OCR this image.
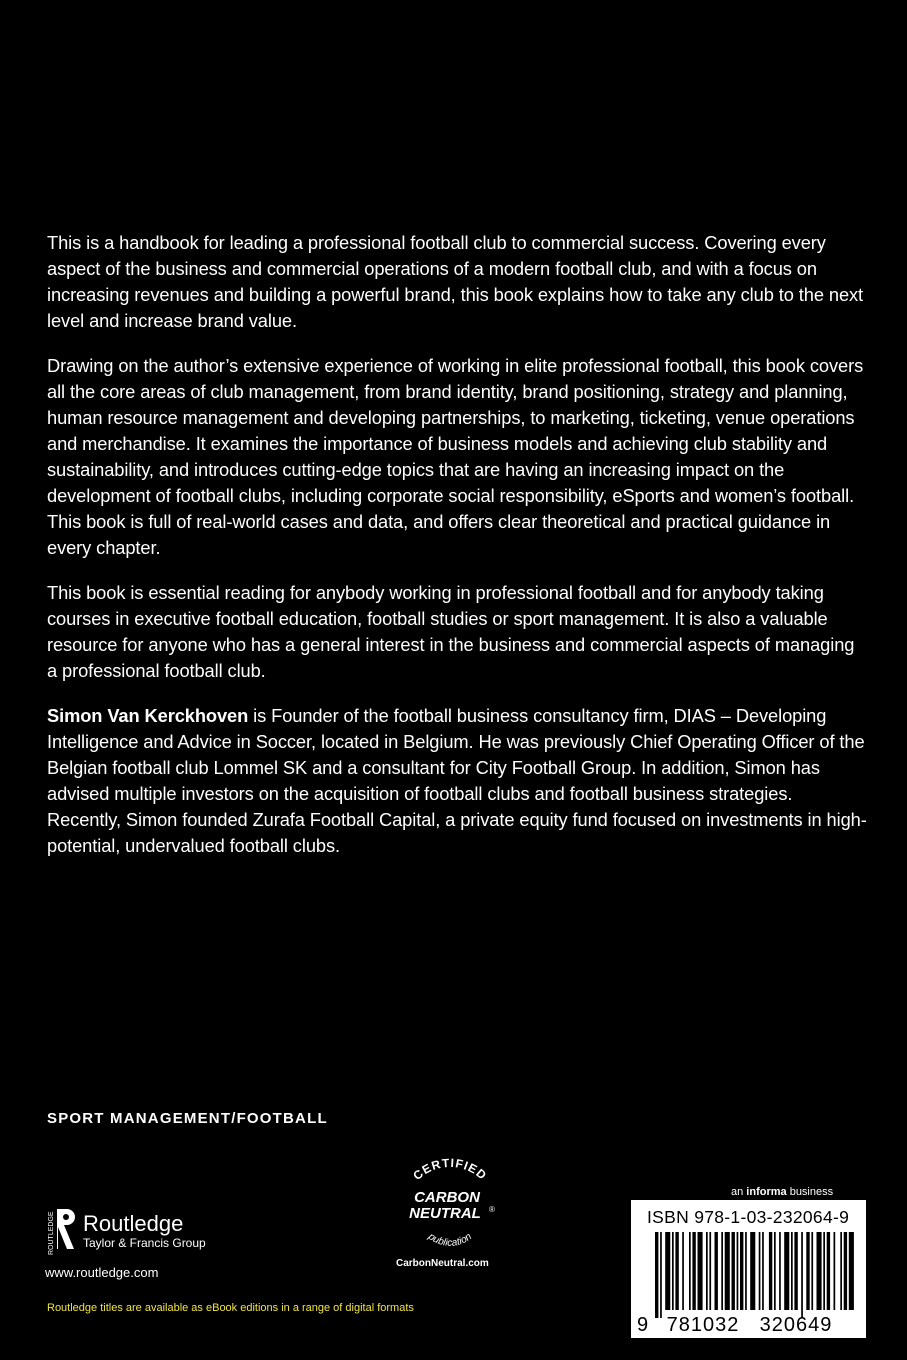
This is a handbook for leading a professional football club to commercial success. Covering every aspect of the business and commercial operations of a modern football club, and with a focus on increasing revenues and building a powerful brand, this book explains how to take any club to the next level and increase brand value.

Drawing on the author’s extensive experience of working in elite professional football, this book covers all the core areas of club management, from brand identity, brand positioning, strategy and planning, human resource management and developing partnerships, to marketing, ticketing, venue operations and merchandise. It examines the importance of business models and achieving club stability and sustainability, and introduces cutting-edge topics that are having an increasing impact on the development of football clubs, including corporate social responsibility, eSports and women’s football. This book is full of real-world cases and data, and offers clear theoretical and practical guidance in every chapter.

This book is essential reading for anybody working in professional football and for anybody taking courses in executive football education, football studies or sport management. It is also a valuable resource for anyone who has a general interest in the business and commercial aspects of managing a professional football club.

Simon Van Kerckhoven is Founder of the football business consultancy firm, DIAS – Developing Intelligence and Advice in Soccer, located in Belgium. He was previously Chief Operating Officer of the Belgian football club Lommel SK and a consultant for City Football Group. In addition, Simon has advised multiple investors on the acquisition of football clubs and football business strategies. Recently, Simon founded Zurafa Football Capital, a private equity fund focused on investments in high-potential, undervalued football clubs.

SPORT MANAGEMENT/FOOTBALL
ROUTLEDGE Routledge
Taylor & Francis Group
www.routledge.com
CERTIFIED
CARBON
NEUTRAL ®
publication
CarbonNeutral.com
an informa business
ISBN 978-1-03-232064-9
9 781032 320649
Routledge titles are available as eBook editions in a range of digital formats
